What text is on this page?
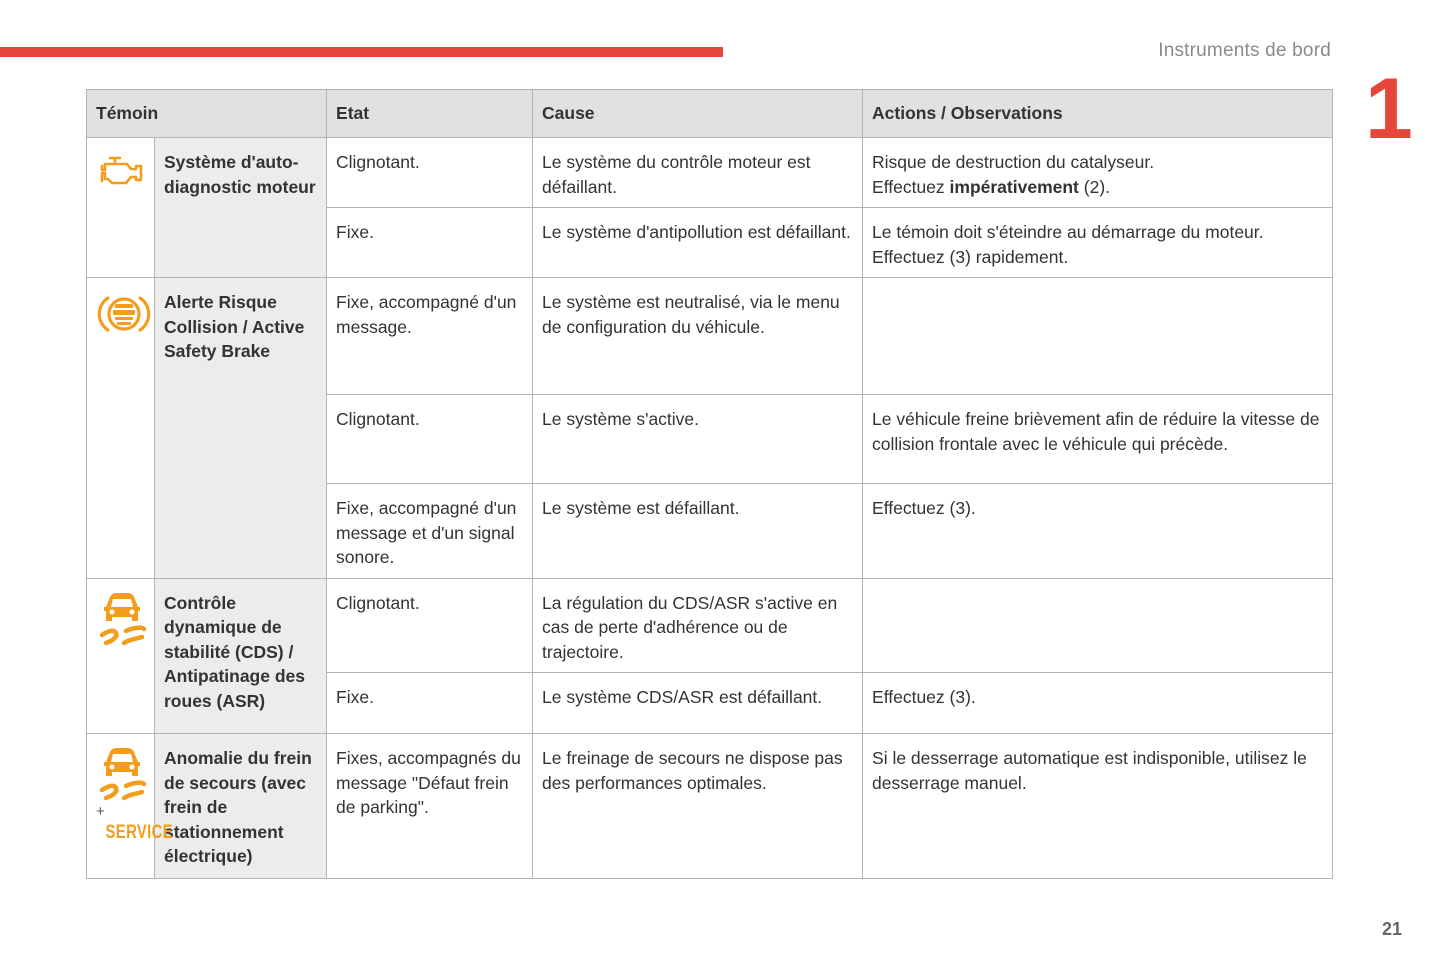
Instruments de bord
1
Témoin		Etat	Cause	Actions / Observations

	Système d'auto-diagnostic moteur	Clignotant.	Le système du contrôle moteur est défaillant.	Risque de destruction du catalyseur.
Effectuez impérativement (2).
		Fixe.	Le système d'antipollution est défaillant.	Le témoin doit s'éteindre au démarrage du moteur. Effectuez (3) rapidement.

	Alerte Risque Collision / Active Safety Brake	Fixe, accompagné d'un message.	Le système est neutralisé, via le menu de configuration du véhicule.	
		Clignotant.	Le système s'active.	Le véhicule freine brièvement afin de réduire la vitesse de collision frontale avec le véhicule qui précède.
		Fixe, accompagné d'un message et d'un signal sonore.	Le système est défaillant.	Effectuez (3).

	Contrôle dynamique de stabilité (CDS) / Antipatinage des roues (ASR)	Clignotant.	La régulation du CDS/ASR s'active en cas de perte d'adhérence ou de trajectoire.	
		Fixe.	Le système CDS/ASR est défaillant.	Effectuez (3).

+
SERVICE	Anomalie du frein de secours (avec frein de stationnement électrique)	Fixes, accompagnés du message "Défaut frein de parking".	Le freinage de secours ne dispose pas des performances optimales.	Si le desserrage automatique est indisponible, utilisez le desserrage manuel.
21
